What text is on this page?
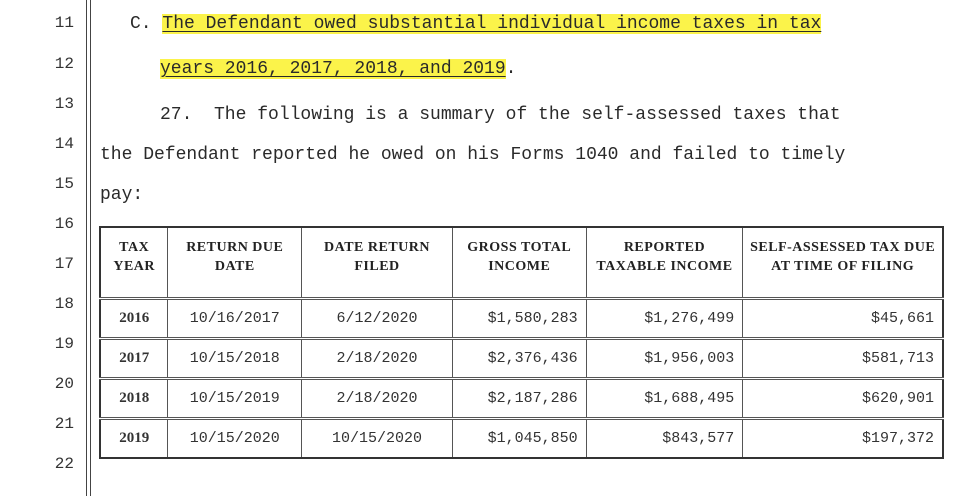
11
12
13
14
15
16
17
18
19
20
21
22
C. The Defendant owed substantial individual income taxes in tax
years 2016, 2017, 2018, and 2019.
27.  The following is a summary of the self-assessed taxes that
the Defendant reported he owed on his Forms 1040 and failed to timely
pay:
TAX YEAR	RETURN DUE DATE	DATE RETURN FILED	GROSS TOTAL INCOME	REPORTED TAXABLE INCOME	SELF-ASSESSED TAX DUE AT TIME OF FILING
2016	10/16/2017	6/12/2020	$1,580,283	$1,276,499	$45,661
2017	10/15/2018	2/18/2020	$2,376,436	$1,956,003	$581,713
2018	10/15/2019	2/18/2020	$2,187,286	$1,688,495	$620,901
2019	10/15/2020	10/15/2020	$1,045,850	$843,577	$197,372
